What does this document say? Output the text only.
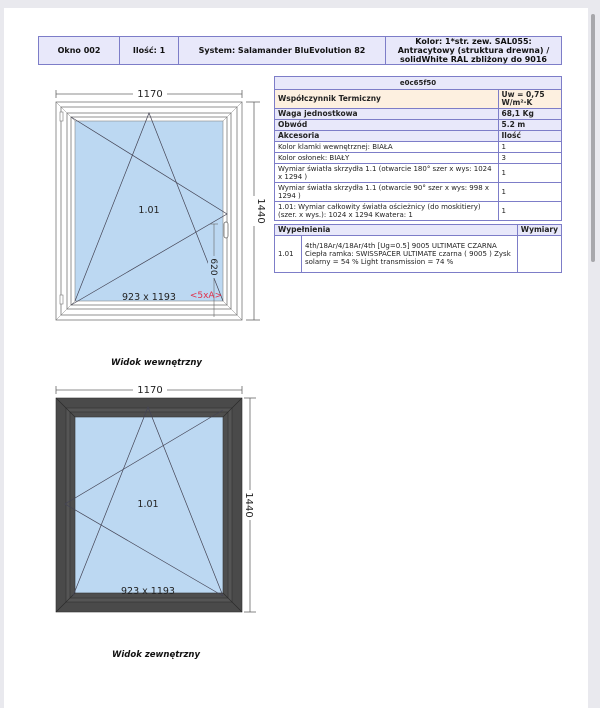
Okno 002	Ilość: 1	System: Salamander BluEvolution 82	Kolor: 1*str. zew. SAL055: Antracytowy (struktura drewna) / solidWhite RAL zbliżony do 9016
e0c65f50	
Współczynnik Termiczny	Uw = 0,75 W/m²·K
Waga jednostkowa	68,1 Kg
Obwód	5.2 m
Akcesoria	Ilość
Kolor klamki wewnętrznej: BIAŁA	1
Kolor osłonek: BIAŁY	3
Wymiar światła skrzydła 1.1 (otwarcie 180° szer x wys: 1024 x 1294 )	1
Wymiar światła skrzydła 1.1 (otwarcie 90° szer x wys: 998 x 1294 )	1
1.01: Wymiar całkowity światła ościeżnicy (do moskitiery) (szer. x wys.): 1024 x 1294 Kwatera: 1	1
Wypełnienia		Wymiary
1.01	4th/18Ar/4/18Ar/4th [Ug=0.5] 9005 ULTIMATE CZARNA Ciepła ramka: SWISSPACER ULTIMATE czarna ( 9005 ) Zysk solarny = 54 % Light transmission = 74 %	
1170
1440
620
1.01
923 x 1193 <5xA>
Widok wewnętrzny
1170
1440
1.01
923 x 1193
Widok zewnętrzny
